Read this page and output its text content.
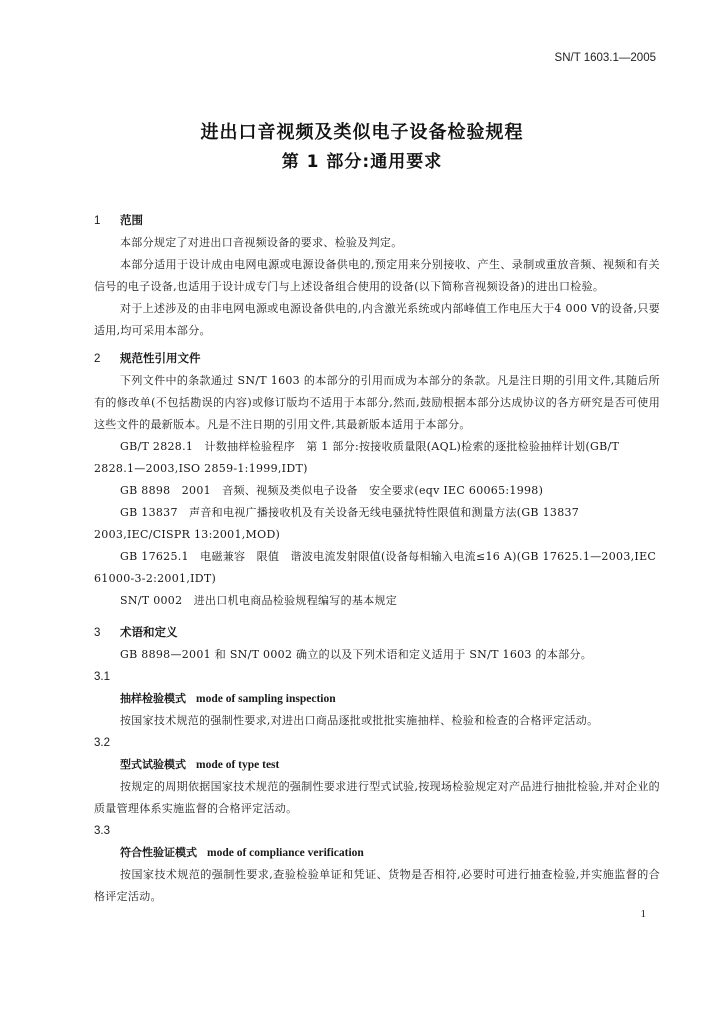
SN/T 1603.1—2005
进出口音视频及类似电子设备检验规程
第 1 部分:通用要求
1 范围

本部分规定了对进出口音视频设备的要求、检验及判定。

本部分适用于设计成由电网电源或电源设备供电的,预定用来分别接收、产生、录制或重放音频、视频和有关信号的电子设备,也适用于设计成专门与上述设备组合使用的设备(以下简称音视频设备)的进出口检验。

对于上述涉及的由非电网电源或电源设备供电的,内含激光系统或内部峰值工作电压大于4 000 V的设备,只要适用,均可采用本部分。

2 规范性引用文件

下列文件中的条款通过 SN/T 1603 的本部分的引用而成为本部分的条款。凡是注日期的引用文件,其随后所有的修改单(不包括勘误的内容)或修订版均不适用于本部分,然而,鼓励根据本部分达成协议的各方研究是否可使用这些文件的最新版本。凡是不注日期的引用文件,其最新版本适用于本部分。

GB/T 2828.1　计数抽样检验程序　第 1 部分:按接收质量限(AQL)检索的逐批检验抽样计划(GB/T 2828.1—2003,ISO 2859-1:1999,IDT)

GB 8898　2001　音频、视频及类似电子设备　安全要求(eqv IEC 60065:1998)

GB 13837　声音和电视广播接收机及有关设备无线电骚扰特性限值和测量方法(GB 13837 2003,IEC/CISPR 13:2001,MOD)

GB 17625.1　电磁兼容　限值　谐波电流发射限值(设备每相输入电流≤16 A)(GB 17625.1—2003,IEC 61000-3-2:2001,IDT)

SN/T 0002　进出口机电商品检验规程编写的基本规定

3 术语和定义

GB 8898—2001 和 SN/T 0002 确立的以及下列术语和定义适用于 SN/T 1603 的本部分。

3.1
抽样检验模式 mode of sampling inspection

按国家技术规范的强制性要求,对进出口商品逐批或批批实施抽样、检验和检查的合格评定活动。

3.2
型式试验模式 mode of type test

按规定的周期依据国家技术规范的强制性要求进行型式试验,按现场检验规定对产品进行抽批检验,并对企业的质量管理体系实施监督的合格评定活动。

3.3
符合性验证模式 mode of compliance verification

按国家技术规范的强制性要求,查验检验单证和凭证、货物是否相符,必要时可进行抽查检验,并实施监督的合格评定活动。

1
